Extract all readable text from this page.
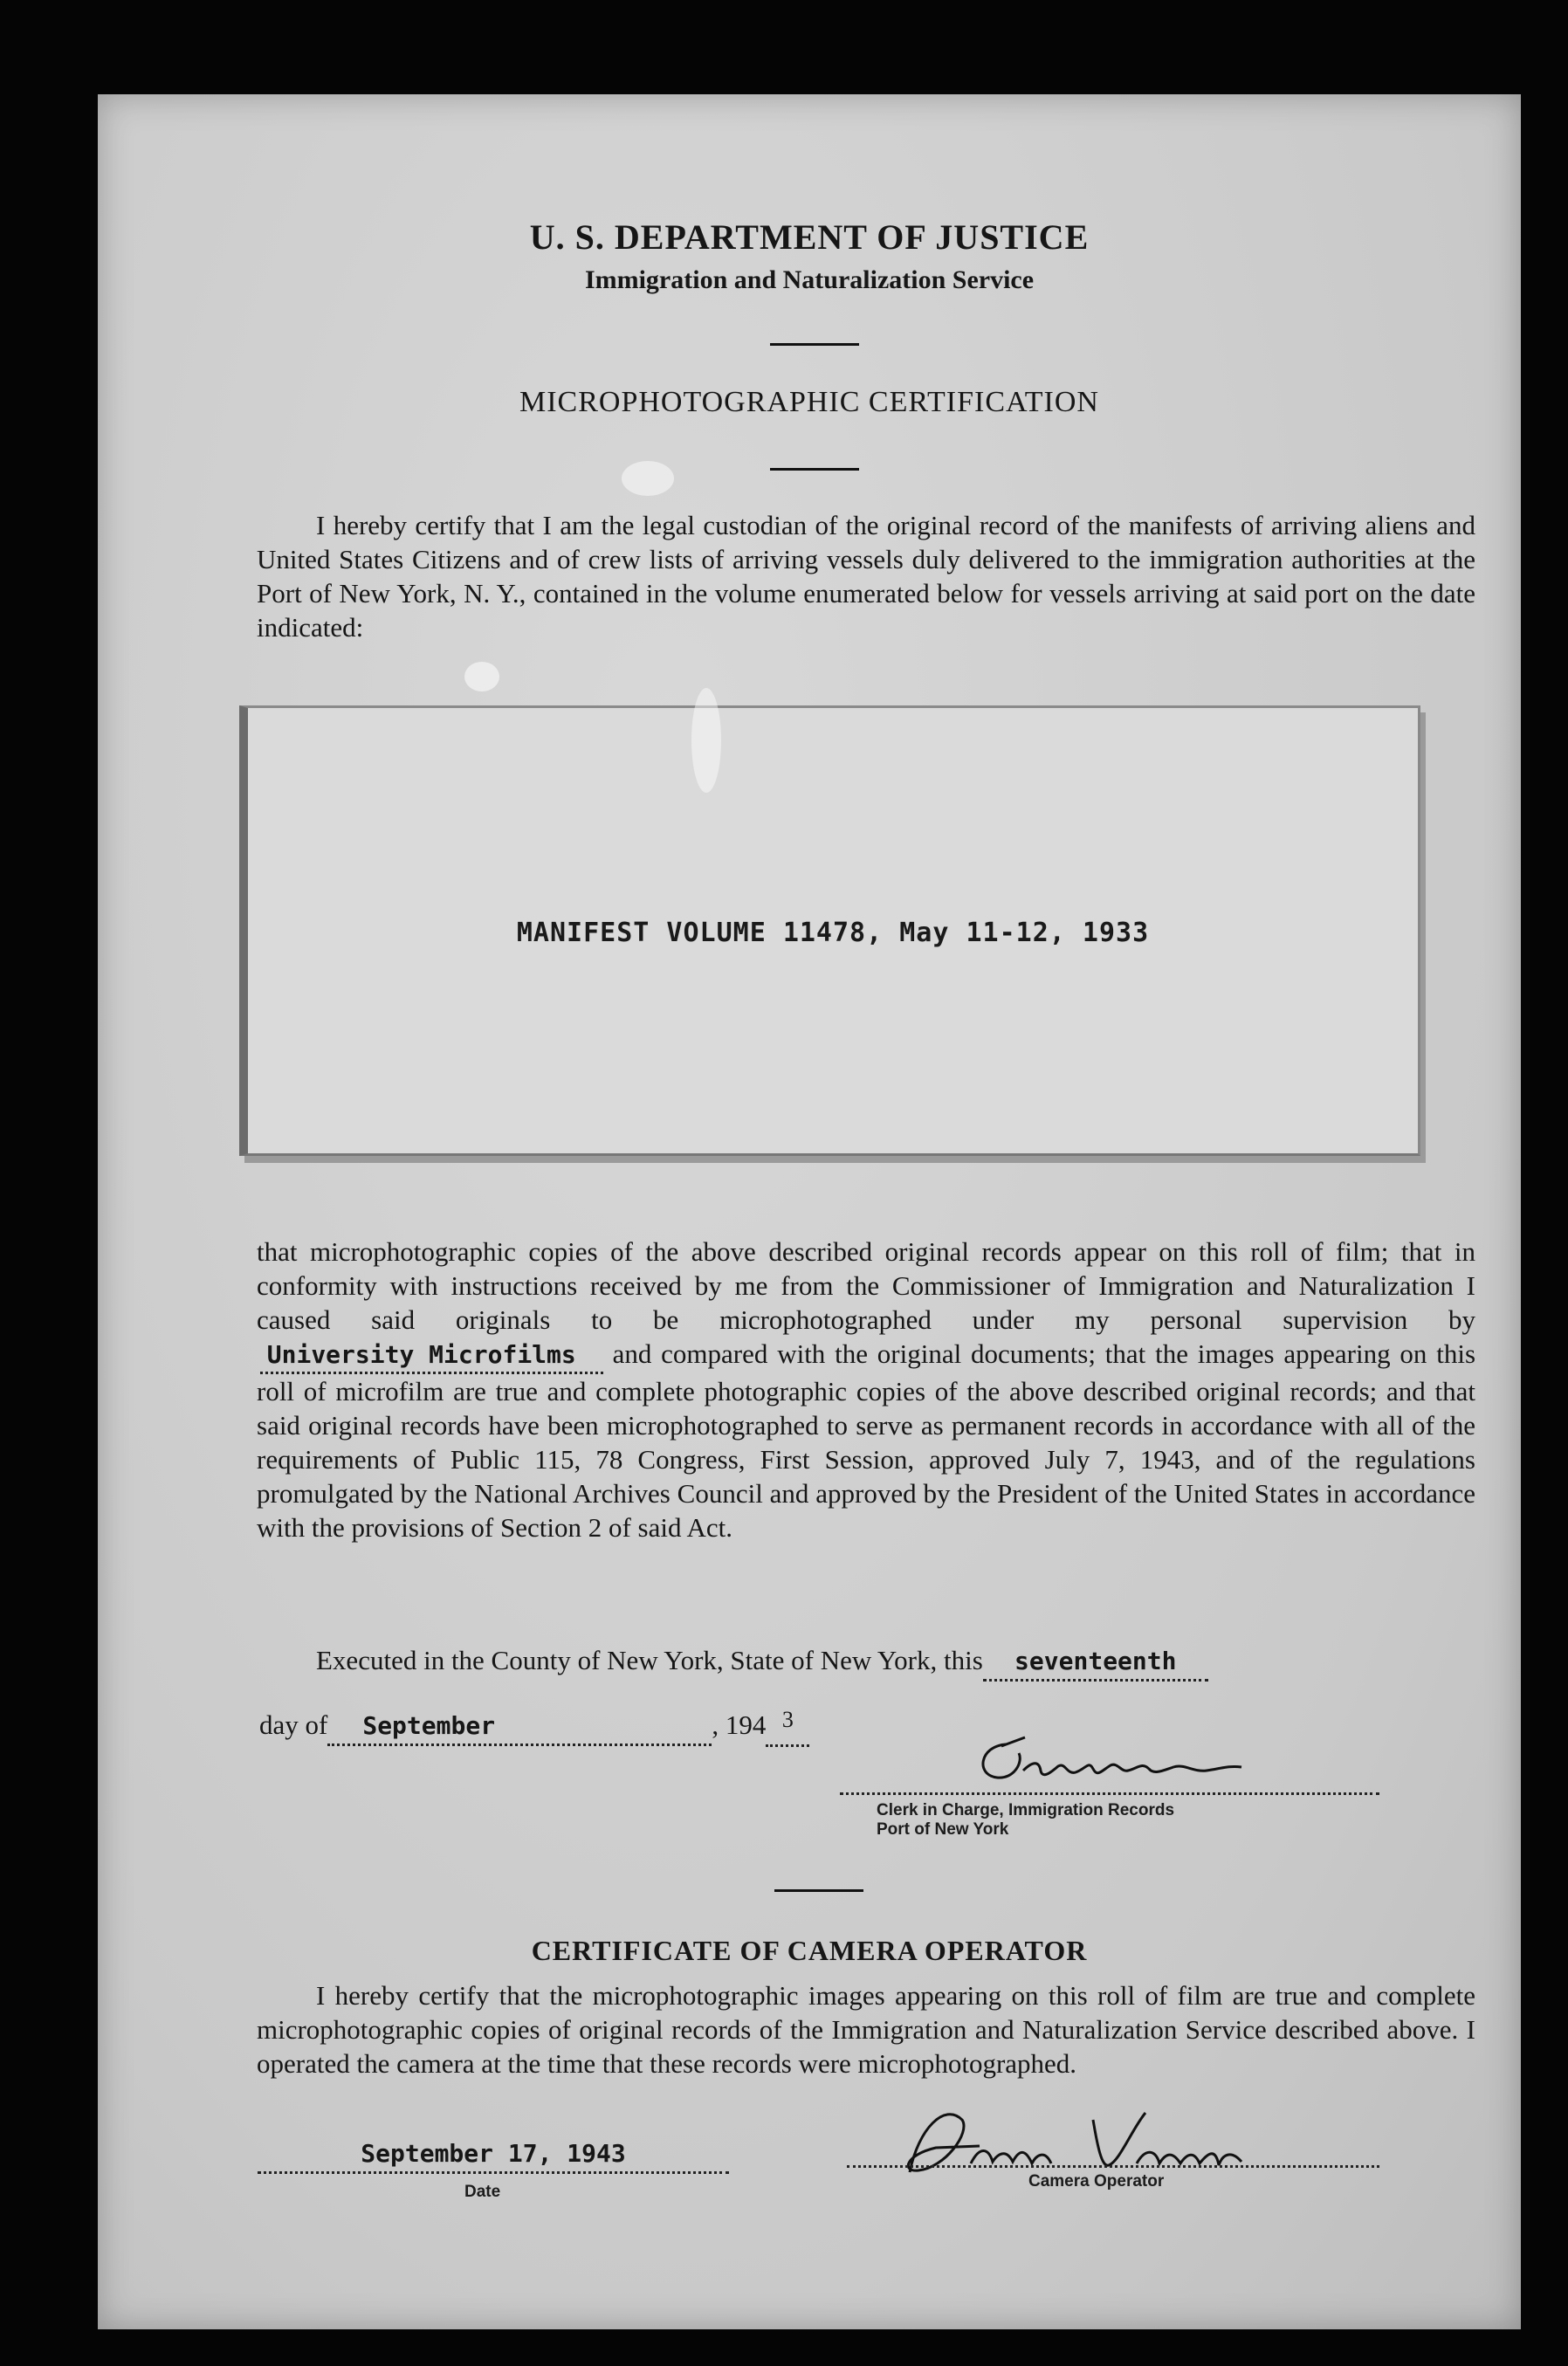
U. S. DEPARTMENT OF JUSTICE
Immigration and Naturalization Service
MICROPHOTOGRAPHIC CERTIFICATION

I hereby certify that I am the legal custodian of the original record of the manifests of arriving aliens and United States Citizens and of crew lists of arriving vessels duly delivered to the immigration authorities at the Port of New York, N. Y., contained in the volume enumerated below for vessels arriving at said port on the date indicated:

MANIFEST VOLUME 11478, May 11-12, 1933

that microphotographic copies of the above described original records appear on this roll of film; that in conformity with instructions received by me from the Commissioner of Immigration and Naturalization I caused said originals to be microphotographed under my personal supervision by University Microfilms and compared with the original documents; that the images appearing on this roll of microfilm are true and complete photographic copies of the above described original records; and that said original records have been microphotographed to serve as permanent records in accordance with all of the requirements of Public 115, 78 Congress, First Session, approved July 7, 1943, and of the regulations promulgated by the National Archives Council and approved by the President of the United States in accordance with the provisions of Section 2 of said Act.

Executed in the County of New York, State of New York, this seventeenth
day of September	, 194 $^3$
Clerk in Charge, Immigration Records
Port of New York
CERTIFICATE OF CAMERA OPERATOR

I hereby certify that the microphotographic images appearing on this roll of film are true and complete microphotographic copies of original records of the Immigration and Naturalization Service described above. I operated the camera at the time that these records were microphotographed.

September 17, 1943
Date
Camera Operator
